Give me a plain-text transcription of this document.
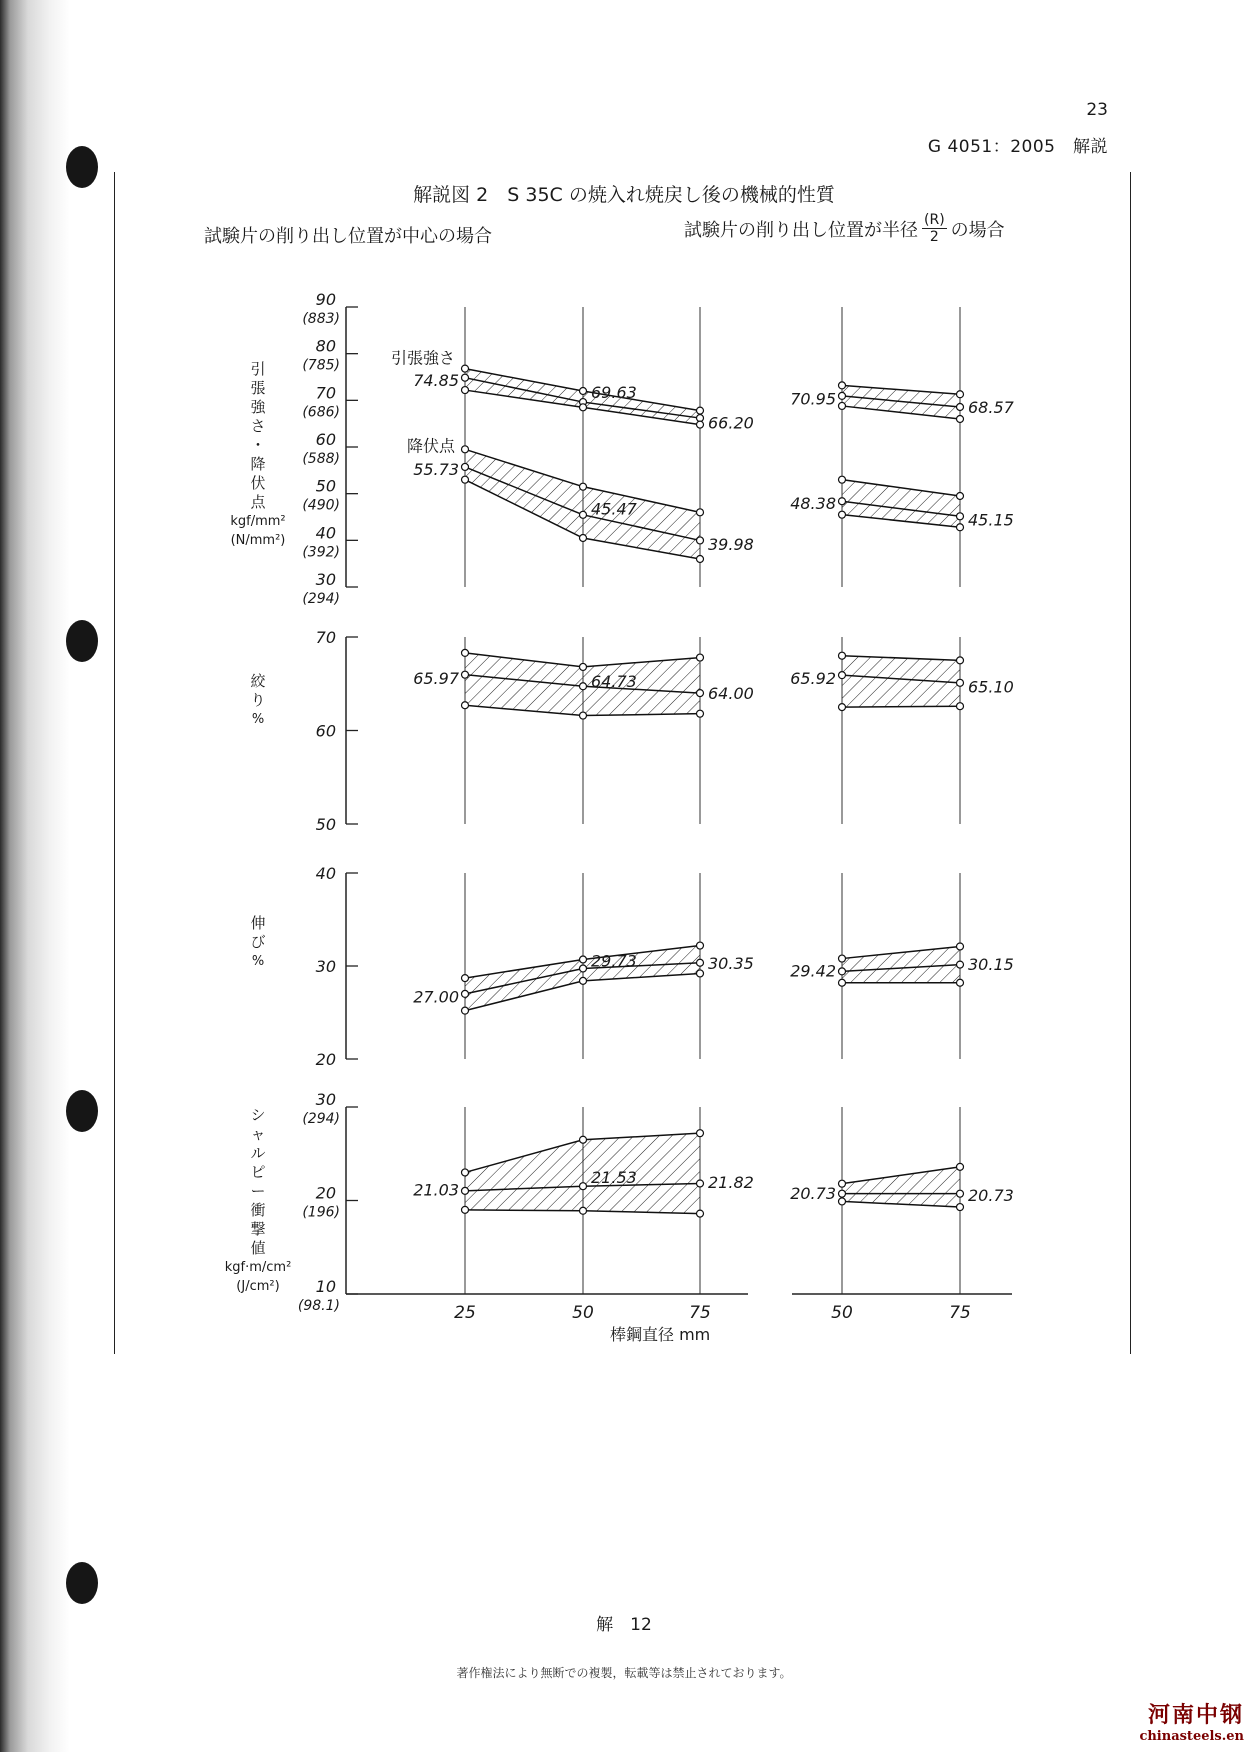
23
G 4051：2005　解説
解説図 2　S 35C の焼入れ焼戻し後の機械的性質
試験片の削り出し位置が中心の場合	試験片の削り出し位置が半径 $\frac{(R)}{2}$ の場合
引
張
強
さ
・
降
伏
点
kgf/mm²
(N/mm²)
絞
り
%
伸
び
%
シ
ャ
ル
ピ
ー
衝
撃
値
kgf·m/cm²
(J/cm²)
90
(883)
80
(785)
70
(686)
60
(588)
50
(490)
40
(392)
30
(294)
74.85
69.63
66.20
55.73
45.47
39.98
70.95	68.57
48.38
45.15
引張強さ
降伏点
70
60
50
65.97	64.73
64.00
65.92	65.10
40
30
20
27.00
29.73	30.35 29.42	30.15
30
(294)
20
(196)
10
(98.1)
21.03
21.53	21.82
20.73	20.73
25	50	75	50	75
棒鋼直径 mm
解　12
著作権法により無断での複製，転載等は禁止されております。
河南中钢
chinasteels.en
